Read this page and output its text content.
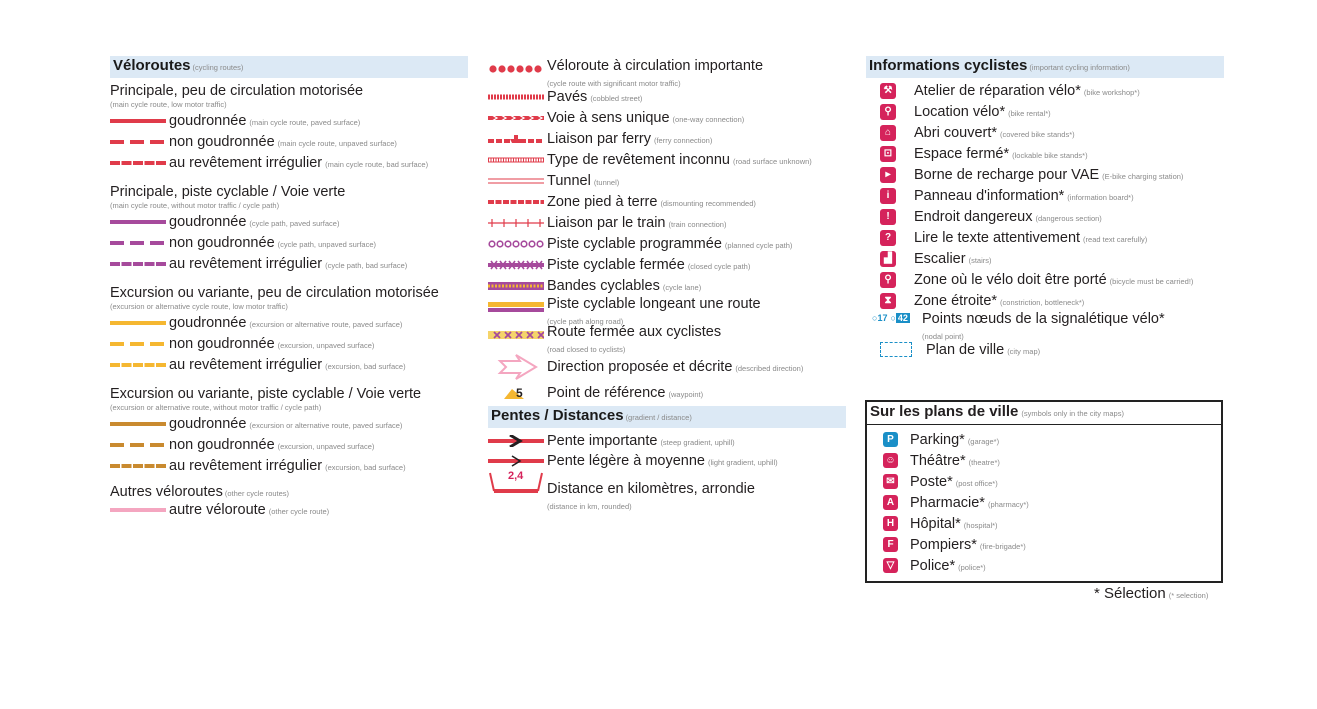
Véloroutes (cycling routes)
Principale, peu de circulation motorisée
(main cycle route, low motor traffic)
goudronnée (main cycle route, paved surface)
non goudronnée (main cycle route, unpaved surface)
au revêtement irrégulier (main cycle route, bad surface)
Principale, piste cyclable / Voie verte
(main cycle route, without motor traffic / cycle path)
goudronnée (cycle path, paved surface)
non goudronnée (cycle path, unpaved surface)
au revêtement irrégulier (cycle path, bad surface)
Excursion ou variante, peu de circulation motorisée
(excursion or alternative cycle route, low motor traffic)
goudronnée (excursion or alternative route, paved surface)
non goudronnée (excursion, unpaved surface)
au revêtement irrégulier (excursion, bad surface)
Excursion ou variante, piste cyclable / Voie verte
(excursion or alternative route, without motor traffic / cycle path)
goudronnée (excursion or alternative route, paved surface)
non goudronnée (excursion, unpaved surface)
au revêtement irrégulier (excursion, bad surface)
Autres véloroutes (other cycle routes)
autre véloroute (other cycle route)
Véloroute à circulation importante
(cycle route with significant motor traffic)
Pavés (cobbled street)
Voie à sens unique (one-way connection)
Liaison par ferry (ferry connection)
Type de revêtement inconnu (road surface unknown)
Tunnel (tunnel)
Zone pied à terre (dismounting recommended)
Liaison par le train (train connection)
Piste cyclable programmée (planned cycle path)
Piste cyclable fermée (closed cycle path)
Bandes cyclables (cycle lane)
Piste cyclable longeant une route
(cycle path along road)
Route fermée aux cyclistes
(road closed to cyclists)
Direction proposée et décrite (described direction)
5 Point de référence (waypoint)
Pentes / Distances (gradient / distance)
Pente importante (steep gradient, uphill)
Pente légère à moyenne (light gradient, uphill)
2,4
Distance en kilomètres, arrondie
(distance in km, rounded)
Informations cyclistes (important cycling information)
⚒ Atelier de réparation vélo* (bike workshop*)
⚲ Location vélo* (bike rental*)
⌂ Abri couvert* (covered bike stands*)
⊡ Espace fermé* (lockable bike stands*)
▸ Borne de recharge pour VAE (E-bike charging station)
i Panneau d'information* (information board*)
! Endroit dangereux (dangerous section)
? Lire le texte attentivement (read text carefully)
▟ Escalier (stairs)
⚲ Zone où le vélo doit être porté (bicycle must be carried!)
⧗ Zone étroite* (constriction, bottleneck*)
○ 17 ○ 42 Points nœuds de la signalétique vélo*
(nodal point)
Plan de ville (city map)
Sur les plans de ville (symbols only in the city maps)
P Parking* (garage*)
☺ Théâtre* (theatre*)
✉ Poste* (post office*)
A Pharmacie* (pharmacy*)
H Hôpital* (hospital*)
F Pompiers* (fire-brigade*)
▽ Police* (police*)
* Sélection (* selection)
